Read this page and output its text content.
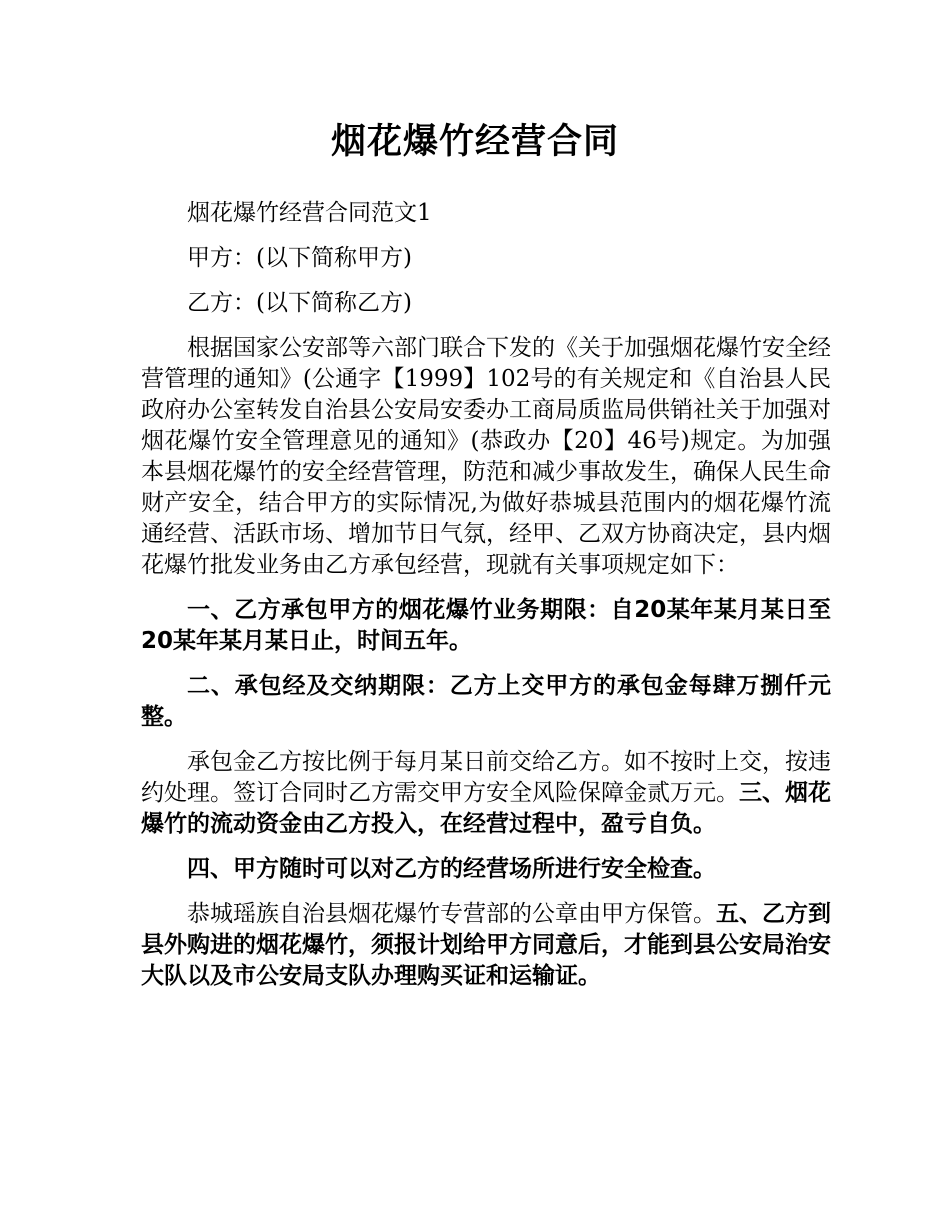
烟花爆竹经营合同

烟花爆竹经营合同范文1

甲方：(以下简称甲方)

乙方：(以下简称乙方)

根据国家公安部等六部门联合下发的《关于加强烟花爆竹安全经营管理的通知》(公通字【1999】102号的有关规定和《自治县人民政府办公室转发自治县公安局安委办工商局质监局供销社关于加强对烟花爆竹安全管理意见的通知》(恭政办【20】46号)规定。为加强本县烟花爆竹的安全经营管理，防范和减少事故发生，确保人民生命财产安全，结合甲方的实际情况,为做好恭城县范围内的烟花爆竹流通经营、活跃市场、增加节日气氛，经甲、乙双方协商决定，县内烟花爆竹批发业务由乙方承包经营，现就有关事项规定如下：

一、乙方承包甲方的烟花爆竹业务期限：自20某年某月某日至20某年某月某日止，时间五年。

二、承包经及交纳期限：乙方上交甲方的承包金每肆万捌仟元整。

承包金乙方按比例于每月某日前交给乙方。如不按时上交，按违约处理。签订合同时乙方需交甲方安全风险保障金贰万元。三、烟花爆竹的流动资金由乙方投入，在经营过程中，盈亏自负。

四、甲方随时可以对乙方的经营场所进行安全检查。

恭城瑶族自治县烟花爆竹专营部的公章由甲方保管。五、乙方到县外购进的烟花爆竹，须报计划给甲方同意后，才能到县公安局治安大队以及市公安局支队办理购买证和运输证。
